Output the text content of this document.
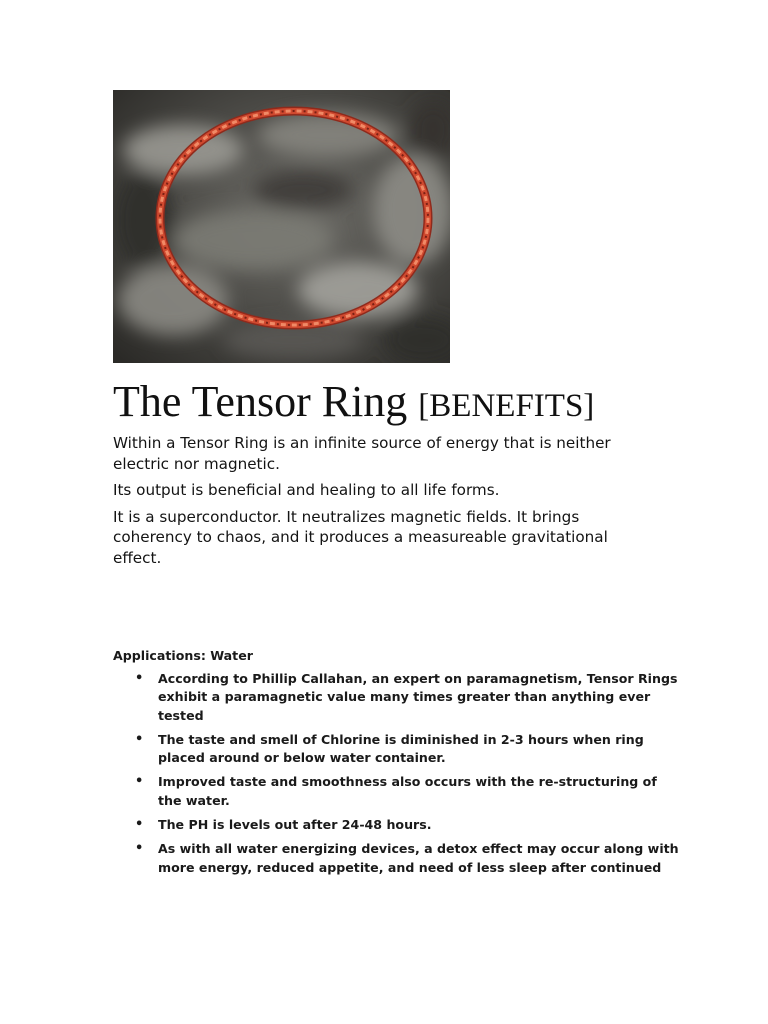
The Tensor Ring [BENEFITS]

Within a Tensor Ring is an infinite source of energy that is neither electric nor magnetic.

Its output is beneficial and healing to all life forms.

It is a superconductor. It neutralizes magnetic fields. It brings coherency to chaos, and it produces a measureable gravitational effect.

Applications: Water
• According to Phillip Callahan, an expert on paramagnetism, Tensor Rings exhibit a paramagnetic value many times greater than anything ever tested
• The taste and smell of Chlorine is diminished in 2-3 hours when ring placed around or below water container.
• Improved taste and smoothness also occurs with the re-structuring of the water.
• The PH is levels out after 24-48 hours.
• As with all water energizing devices, a detox effect may occur along with more energy, reduced appetite, and need of less sleep after continued
